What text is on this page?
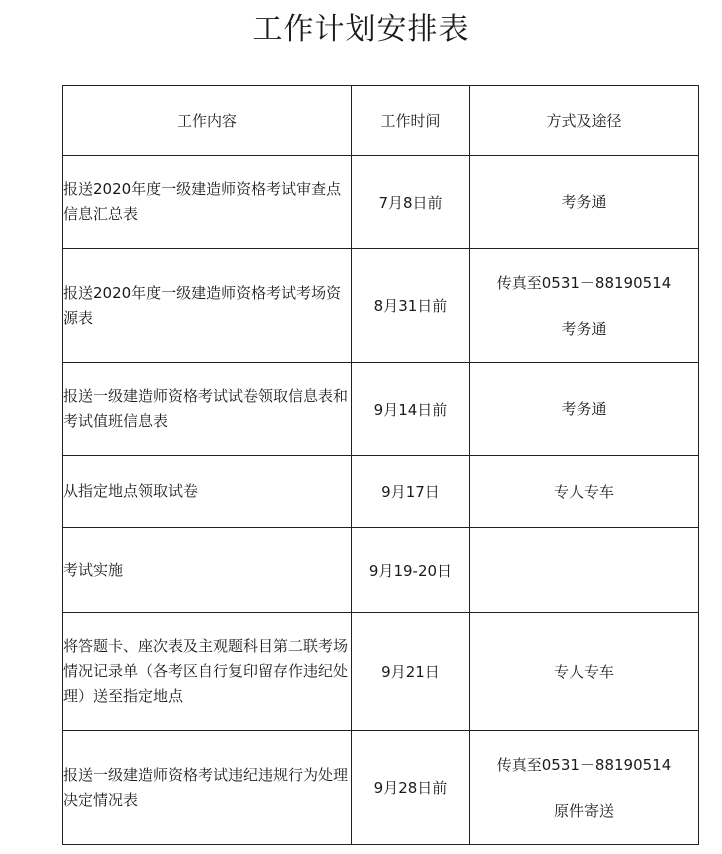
工作计划安排表
工作内容	工作时间	方式及途径
报送2020年度一级建造师资格考试审查点信息汇总表	7月8日前	考务通

报送2020年度一级建造师资格考试考场资源表	8月31日前	传真至0531－88190514
考务通

报送一级建造师资格考试试卷领取信息表和考试值班信息表	9月14日前	考务通

从指定地点领取试卷	9月17日	专人专车

考试实施	9月19-20日	
将答题卡、座次表及主观题科目第二联考场情况记录单（各考区自行复印留存作违纪处理）送至指定地点	9月21日	专人专车

报送一级建造师资格考试违纪违规行为处理决定情况表	9月28日前	传真至0531－88190514
原件寄送
